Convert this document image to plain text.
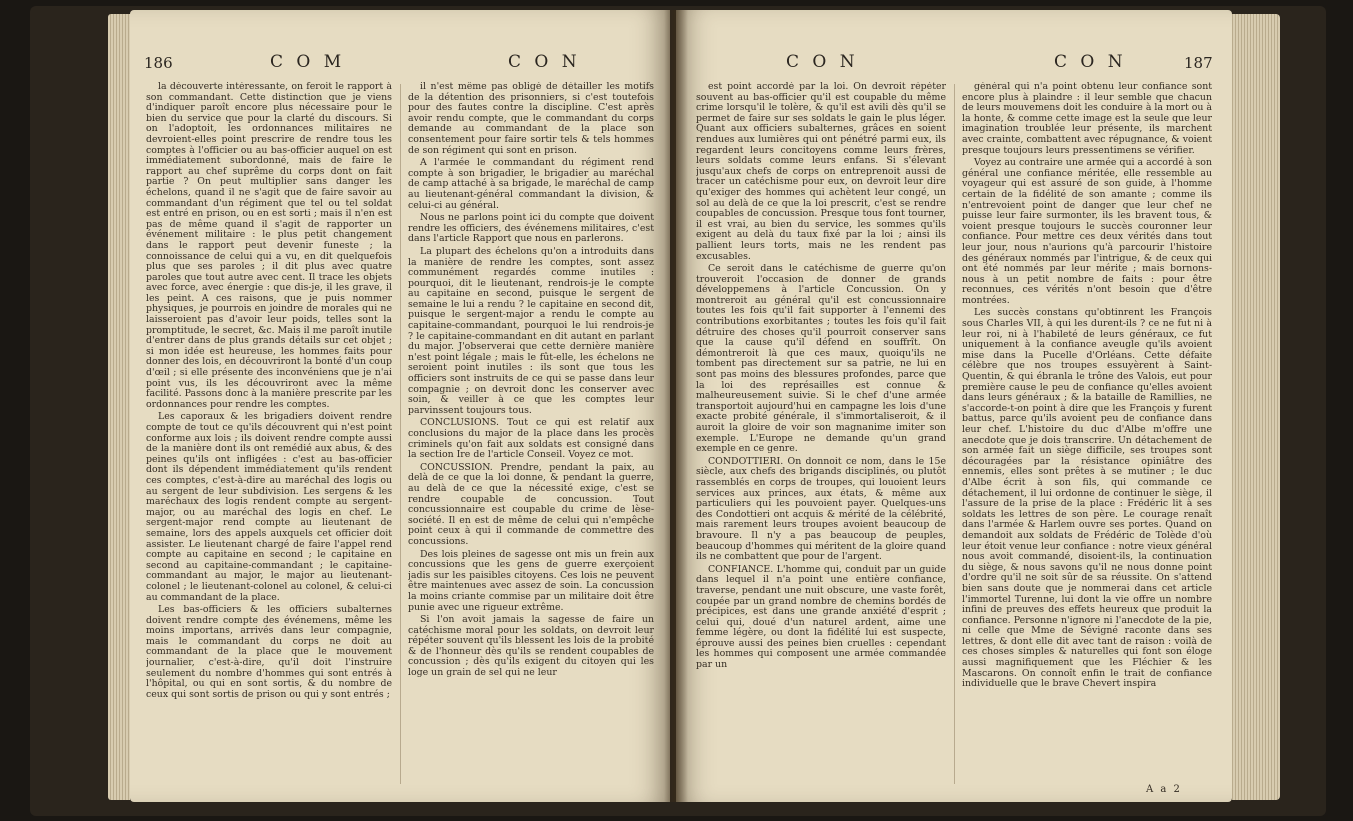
186	C O M	C O N

la découverte intéressante, on feroit le rapport à son commandant. Cette distinction que je viens d'indiquer paroît encore plus nécessaire pour le bien du service que pour la clarté du discours. Si on l'adoptoit, les ordonnances militaires ne devroient-elles point prescrire de rendre tous les comptes à l'officier ou au bas-officier auquel on est immédiatement subordonné, mais de faire le rapport au chef suprême du corps dont on fait partie ? On peut multiplier sans danger les échelons, quand il ne s'agit que de faire savoir au commandant d'un régiment que tel ou tel soldat est entré en prison, ou en est sorti ; mais il n'en est pas de même quand il s'agit de rapporter un événement militaire : le plus petit changement dans le rapport peut devenir funeste ; la connoissance de celui qui a vu, en dit quelquefois plus que ses paroles ; il dit plus avec quatre paroles que tout autre avec cent. Il trace les objets avec force, avec énergie : que dis-je, il les grave, il les peint. A ces raisons, que je puis nommer physiques, je pourrois en joindre de morales qui ne laisseroient pas d'avoir leur poids, telles sont la promptitude, le secret, &c. Mais il me paroît inutile d'entrer dans de plus grands détails sur cet objet ; si mon idée est heureuse, les hommes faits pour donner des lois, en découvriront la bonté d'un coup d'œil ; si elle présente des inconvéniens que je n'ai point vus, ils les découvriront avec la même facilité. Passons donc à la manière prescrite par les ordonnances pour rendre les comptes.

Les caporaux & les brigadiers doivent rendre compte de tout ce qu'ils découvrent qui n'est point conforme aux lois ; ils doivent rendre compte aussi de la manière dont ils ont remédié aux abus, & des peines qu'ils ont infligées : c'est au bas-officier dont ils dépendent immédiatement qu'ils rendent ces comptes, c'est-à-dire au maréchal des logis ou au sergent de leur subdivision. Les sergens & les maréchaux des logis rendent compte au sergent-major, ou au maréchal des logis en chef. Le sergent-major rend compte au lieutenant de semaine, lors des appels auxquels cet officier doit assister. Le lieutenant chargé de faire l'appel rend compte au capitaine en second ; le capitaine en second au capitaine-commandant ; le capitaine-commandant au major, le major au lieutenant-colonel ; le lieutenant-colonel au colonel, & celui-ci au commandant de la place.

Les bas-officiers & les officiers subalternes doivent rendre compte des événemens, même les moins importans, arrivés dans leur compagnie, mais le commandant du corps ne doit au commandant de la place que le mouvement journalier, c'est-à-dire, qu'il doit l'instruire seulement du nombre d'hommes qui sont entrés à l'hôpital, ou qui en sont sortis, & du nombre de ceux qui sont sortis de prison ou qui y sont entrés ;

il n'est même pas obligé de détailler les motifs de la détention des prisonniers, si c'est toutefois pour des fautes contre la discipline. C'est après avoir rendu compte, que le commandant du corps demande au commandant de la place son consentement pour faire sortir tels & tels hommes de son régiment qui sont en prison.

A l'armée le commandant du régiment rend compte à son brigadier, le brigadier au maréchal de camp attaché à sa brigade, le maréchal de camp au lieutenant-général commandant la division, & celui-ci au général.

Nous ne parlons point ici du compte que doivent rendre les officiers, des événemens militaires, c'est dans l'article Rapport que nous en parlerons.

La plupart des échelons qu'on a introduits dans la manière de rendre les comptes, sont assez communément regardés comme inutiles : pourquoi, dit le lieutenant, rendrois-je le compte au capitaine en second, puisque le sergent de semaine le lui a rendu ? le capitaine en second dit, puisque le sergent-major a rendu le compte au capitaine-commandant, pourquoi le lui rendrois-je ? le capitaine-commandant en dit autant en parlant du major. J'observerai que cette dernière manière n'est point légale ; mais le fût-elle, les échelons ne seroient point inutiles : ils sont que tous les officiers sont instruits de ce qui se passe dans leur compagnie ; on devroit donc les conserver avec soin, & veiller à ce que les comptes leur parvinssent toujours tous.

CONCLUSIONS. Tout ce qui est relatif aux conclusions du major de la place dans les procès criminels qu'on fait aux soldats est consigné dans la section Ire de l'article Conseil. Voyez ce mot.

CONCUSSION. Prendre, pendant la paix, au delà de ce que la loi donne, & pendant la guerre, au delà de ce que la nécessité exige, c'est se rendre coupable de concussion. Tout concussionnaire est coupable du crime de lèse-société. Il en est de même de celui qui n'empêche point ceux à qui il commande de commettre des concussions.

Des lois pleines de sagesse ont mis un frein aux concussions que les gens de guerre exerçoient jadis sur les paisibles citoyens. Ces lois ne peuvent être maintenues avec assez de soin. La concussion la moins criante commise par un militaire doit être punie avec une rigueur extrême.

Si l'on avoit jamais la sagesse de faire un catéchisme moral pour les soldats, on devroit leur répéter souvent qu'ils blessent les lois de la probité & de l'honneur dès qu'ils se rendent coupables de concussion ; dès qu'ils exigent du citoyen qui les loge un grain de sel qui ne leur

C O N	C O N	187

est point accordé par la loi. On devroit répéter souvent au bas-officier qu'il est coupable du même crime lorsqu'il le tolère, & qu'il est avili dès qu'il se permet de faire sur ses soldats le gain le plus léger. Quant aux officiers subalternes, grâces en soient rendues aux lumières qui ont pénétré parmi eux, ils regardent leurs concitoyens comme leurs frères, leurs soldats comme leurs enfans. Si s'élevant jusqu'aux chefs de corps on entreprenoit aussi de tracer un catéchisme pour eux, on devroit leur dire qu'exiger des hommes qui achètent leur congé, un sol au delà de ce que la loi prescrit, c'est se rendre coupables de concussion. Presque tous font tourner, il est vrai, au bien du service, les sommes qu'ils exigent au delà du taux fixé par la loi ; ainsi ils pallient leurs torts, mais ne les rendent pas excusables.

Ce seroit dans le catéchisme de guerre qu'on trouveroit l'occasion de donner de grands développemens à l'article Concussion. On y montreroit au général qu'il est concussionnaire toutes les fois qu'il fait supporter à l'ennemi des contributions exorbitantes ; toutes les fois qu'il fait détruire des choses qu'il pourroit conserver sans que la cause qu'il défend en souffrît. On démontreroit là que ces maux, quoiqu'ils ne tombent pas directement sur sa patrie, ne lui en sont pas moins des blessures profondes, parce que la loi des représailles est connue & malheureusement suivie. Si le chef d'une armée transportoit aujourd'hui en campagne les lois d'une exacte probité générale, il s'immortaliseroit, & il auroit la gloire de voir son magnanime imiter son exemple. L'Europe ne demande qu'un grand exemple en ce genre.

CONDOTTIERI. On donnoit ce nom, dans le 15e siècle, aux chefs des brigands disciplinés, ou plutôt rassemblés en corps de troupes, qui louoient leurs services aux princes, aux états, & même aux particuliers qui les pouvoient payer. Quelques-uns des Condottieri ont acquis & mérité de la célébrité, mais rarement leurs troupes avoient beaucoup de bravoure. Il n'y a pas beaucoup de peuples, beaucoup d'hommes qui méritent de la gloire quand ils ne combattent que pour de l'argent.

CONFIANCE. L'homme qui, conduit par un guide dans lequel il n'a point une entière confiance, traverse, pendant une nuit obscure, une vaste forêt, coupée par un grand nombre de chemins bordés de précipices, est dans une grande anxiété d'esprit ; celui qui, doué d'un naturel ardent, aime une femme légère, ou dont la fidélité lui est suspecte, éprouve aussi des peines bien cruelles : cependant les hommes qui composent une armée commandée par un

général qui n'a point obtenu leur confiance sont encore plus à plaindre : il leur semble que chacun de leurs mouvemens doit les conduire à la mort ou à la honte, & comme cette image est la seule que leur imagination troublée leur présente, ils marchent avec crainte, combattent avec répugnance, & voient presque toujours leurs pressentimens se vérifier.

Voyez au contraire une armée qui a accordé à son général une confiance méritée, elle ressemble au voyageur qui est assuré de son guide, à l'homme certain de la fidélité de son amante ; comme ils n'entrevoient point de danger que leur chef ne puisse leur faire surmonter, ils les bravent tous, & voient presque toujours le succès couronner leur confiance. Pour mettre ces deux vérités dans tout leur jour, nous n'aurions qu'à parcourir l'histoire des généraux nommés par l'intrigue, & de ceux qui ont été nommés par leur mérite ; mais bornons-nous à un petit nombre de faits : pour être reconnues, ces vérités n'ont besoin que d'être montrées.

Les succès constans qu'obtinrent les François sous Charles VII, à qui les durent-ils ? ce ne fut ni à leur roi, ni à l'habileté de leurs généraux, ce fut uniquement à la confiance aveugle qu'ils avoient mise dans la Pucelle d'Orléans. Cette défaite célèbre que nos troupes essuyèrent à Saint-Quentin, & qui ébranla le trône des Valois, eut pour première cause le peu de confiance qu'elles avoient dans leurs généraux ; & la bataille de Ramillies, ne s'accorde-t-on point à dire que les François y furent battus, parce qu'ils avoient peu de confiance dans leur chef. L'histoire du duc d'Albe m'offre une anecdote que je dois transcrire. Un détachement de son armée fait un siège difficile, ses troupes sont découragées par la résistance opiniâtre des ennemis, elles sont prêtes à se mutiner ; le duc d'Albe écrit à son fils, qui commande ce détachement, il lui ordonne de continuer le siège, il l'assure de la prise de la place : Frédéric lit à ses soldats les lettres de son père. Le courage renaît dans l'armée & Harlem ouvre ses portes. Quand on demandoit aux soldats de Frédéric de Tolède d'où leur étoit venue leur confiance : notre vieux général nous avoit commandé, disoient-ils, la continuation du siège, & nous savons qu'il ne nous donne point d'ordre qu'il ne soit sûr de sa réussite. On s'attend bien sans doute que je nommerai dans cet article l'immortel Turenne, lui dont la vie offre un nombre infini de preuves des effets heureux que produit la confiance. Personne n'ignore ni l'anecdote de la pie, ni celle que Mme de Sévigné raconte dans ses lettres, & dont elle dit avec tant de raison : voilà de ces choses simples & naturelles qui font son éloge aussi magnifiquement que les Fléchier & les Mascarons. On connoît enfin le trait de confiance individuelle que le brave Chevert inspira

A a 2
